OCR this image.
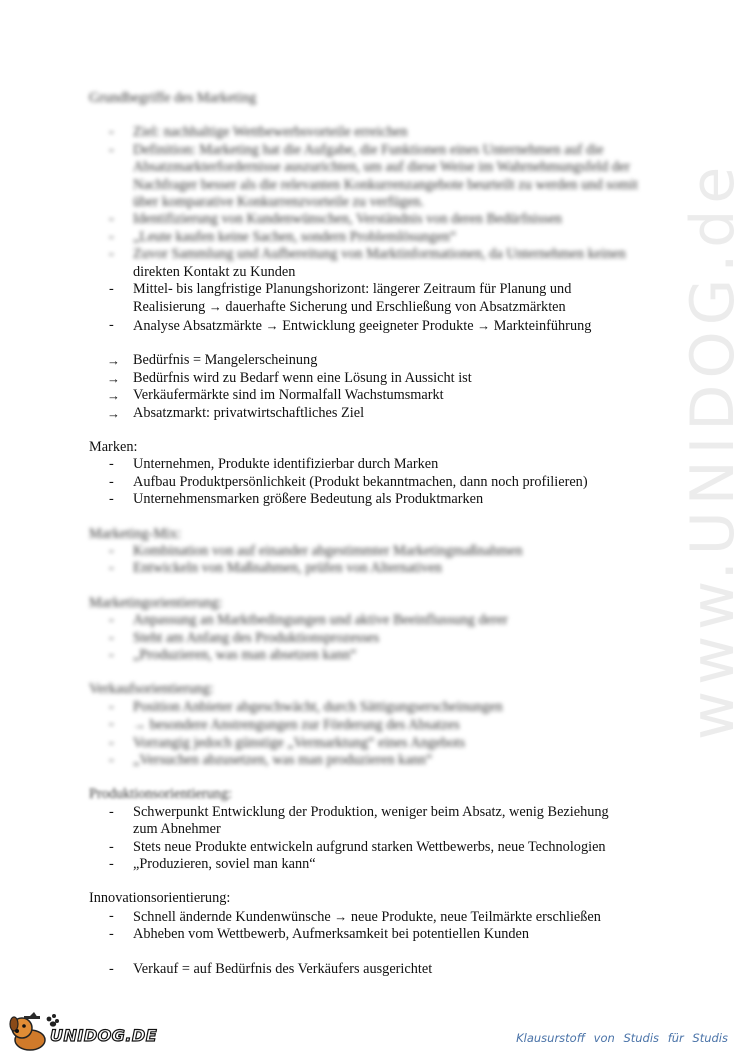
www.UNIDOG.de
Grundbegriffe des Marketing
- Ziel: nachhaltige Wettbewerbsvorteile erreichen
- Definition: Marketing hat die Aufgabe, die Funktionen eines Unternehmen auf die Absatzmarkterfordernisse auszurichten, um auf diese Weise im Wahrnehmungsfeld der Nachfrager besser als die relevanten Konkurrenzangebote beurteilt zu werden und somit über komparative Konkurrenzvorteile zu verfügen.
- Identifizierung von Kundenwünschen, Verständnis von deren Bedürfnissen
- „Leute kaufen keine Sachen, sondern Problemlösungen“
- Zuvor Sammlung und Aufbereitung von Marktinformationen, da Unternehmen keinen
direkten Kontakt zu Kunden
- Mittel- bis langfristige Planungshorizont: längerer Zeitraum für Planung und
Realisierung → dauerhafte Sicherung und Erschließung von Absatzmärkten
- Analyse Absatzmärkte → Entwicklung geeigneter Produkte → Markteinführung
→ Bedürfnis = Mangelerscheinung
→ Bedürfnis wird zu Bedarf wenn eine Lösung in Aussicht ist
→ Verkäufermärkte sind im Normalfall Wachstumsmarkt
→ Absatzmarkt: privatwirtschaftliches Ziel
Marken:
- Unternehmen, Produkte identifizierbar durch Marken
- Aufbau Produktpersönlichkeit (Produkt bekanntmachen, dann noch profilieren)
- Unternehmensmarken größere Bedeutung als Produktmarken
Marketing-Mix:
- Kombination von auf einander abgestimmter Marketingmaßnahmen
- Entwickeln von Maßnahmen, prüfen von Alternativen
Marketingorientierung:
- Anpassung an Marktbedingungen und aktive Beeinflussung derer
- Steht am Anfang des Produktionsprozesses
- „Produzieren, was man absetzen kann“
Verkaufsorientierung:
- Position Anbieter abgeschwächt, durch Sättigungserscheinungen
- → besondere Anstrengungen zur Förderung des Absatzes
- Vorrangig jedoch günstige „Vermarktung“ eines Angebots
- „Versuchen abzusetzen, was man produzieren kann“
Produktionsorientierung:
- Schwerpunkt Entwicklung der Produktion, weniger beim Absatz, wenig Beziehung
zum Abnehmer
- Stets neue Produkte entwickeln aufgrund starken Wettbewerbs, neue Technologien
- „Produzieren, soviel man kann“
Innovationsorientierung:
- Schnell ändernde Kundenwünsche → neue Produkte, neue Teilmärkte erschließen
- Abheben vom Wettbewerb, Aufmerksamkeit bei potentiellen Kunden
- Verkauf = auf Bedürfnis des Verkäufers ausgerichtet
UNIDOG.DE	Klausurstoff von Studis für Studis
